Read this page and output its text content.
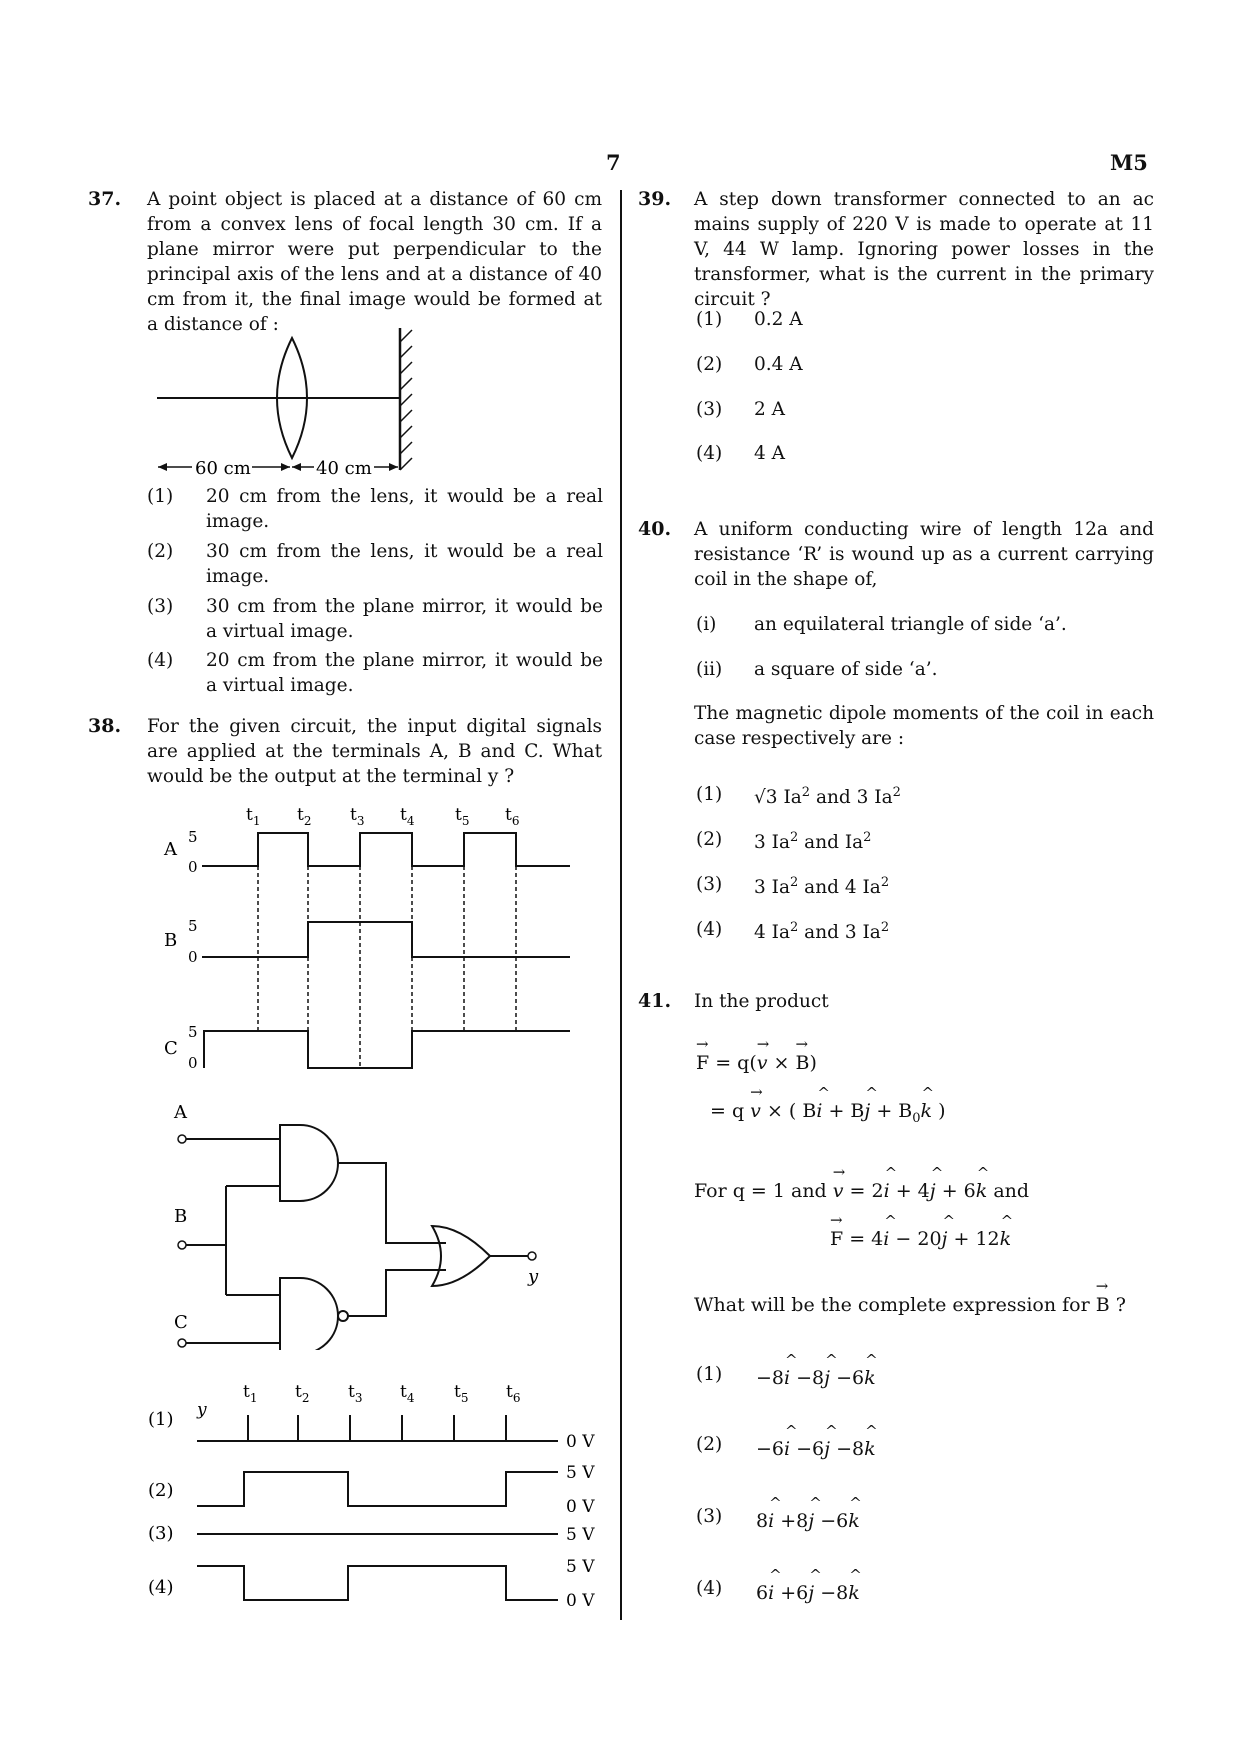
7	M5
37. A point object is placed at a distance of 60 cm from a convex lens of focal length 30 cm. If a plane mirror were put perpendicular to the principal axis of the lens and at a distance of 40 cm from it, the final image would be formed at a distance of :
60 cm	40 cm
(1) 20 cm from the lens, it would be a real image.
(2) 30 cm from the lens, it would be a real image.
(3) 30 cm from the plane mirror, it would be a virtual image.
(4) 20 cm from the plane mirror, it would be a virtual image.
38. For the given circuit, the input digital signals are applied at the terminals A, B and C. What would be the output at the terminal y ?
$t_1$ $t_2$ $t_3$ $t_4$ $t_5$ $t_6$
A
5
0
B
5
0
C
5
0
A
B
C
y
$t_1$ $t_2$ $t_3$ $t_4$ $t_5$ $t_6$
(1) y
0 V
(2)
5 V
0 V
(3)	5 V
(4)
5 V
0 V
39. A step down transformer connected to an ac mains supply of 220 V is made to operate at 11 V, 44 W lamp. Ignoring power losses in the transformer, what is the current in the primary circuit ?
(1) 0.2 A
(2) 0.4 A
(3) 2 A
(4) 4 A
40. A uniform conducting wire of length 12a and resistance ‘R’ is wound up as a current carrying coil in the shape of,
(i) an equilateral triangle of side ‘a’.
(ii) a square of side ‘a’.
The magnetic dipole moments of the coil in each case respectively are :
(1) √3 Ia$^2$ and 3 Ia$^2$
(2) 3 Ia$^2$ and Ia$^2$
(3) 3 Ia$^2$ and 4 Ia$^2$
(4) 4 Ia$^2$ and 3 Ia$^2$
41. In the product
→ F = q(→ v × → B)
= q → v × ( B^ i + B^ $j + B_0\^{}$ k )
For q = 1 and → v = 2^ i + 4^ j + 6^ k and
→ F = 4^ i − 20^ j + 12^ k
What will be the complete expression for → B ?
(1) −8^ i −8^ j −6^ k
(2) −6^ i −6^ j −8^ k
(3) 8^ i +8^ j −6^ k
(4) 6^ i +6^ j −8^ k
